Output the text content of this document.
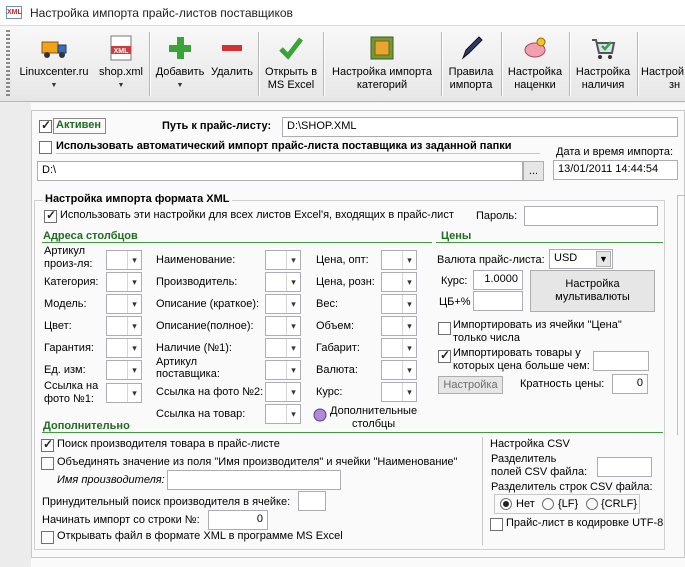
XML Настройка импорта прайс-листов поставщиков
Linuxcenter.ru
▼
XML
shop.xml
▼
Добавить
▼
Удалить	Открыть в
MS Excel
Настройка импорта
категорий
Правила
импорта
Настройка
наценки
Настройка
наличия
Настрой
зн
✓
Активен	Путь к прайс-листу:	D:\SHOP.XML
Использовать автоматический импорт прайс-листа поставщика из заданной папки
D:\	...
Дата и время импорта:
13/01/2011 14:44:54
Настройка импорта формата XML
✓
Использовать эти настройки для всех листов Excel'я, входящих в прайс-лист Пароль:
Адреса столбцов
Артикул произ-ля:
▾
Категория:
▾
Модель:
▾
Цвет:
▾
Гарантия:
▾
Ед. изм:
▾
Ссылка на фото №1:
▾
Наименование:
▾
Производитель:
▾
Описание (краткое):
▾
Описание(полное):
▾
Наличие (№1):
▾
Артикул поставщика:
▾
Ссылка на фото №2:
▾
Ссылка на товар:
▾
Цена, опт:
▾
Цена, розн:
▾
Вес:
▾
Объем:
▾
Габарит:
▾
Валюта:
▾
Курс:
▾
Дополнительные
столбцы
Цены
Валюта прайс-листа: USD	▼
Курс:	1.0000
ЦБ+%
Настройка
мультивалюты
Импортировать из ячейки "Цена"
только числа
✓
Импортировать товары у
которых цена больше чем:
Настройка	Кратность цены:	0
Дополнительно
✓
Поиск производителя товара в прайс-листе
Объединять значение из поля "Имя производителя" и ячейки "Наименование"
Имя производителя:
Принудительный поиск производителя в ячейке:
Начинать импорт со строки №:	0
Открывать файл в формате XML в программе MS Excel
Настройка CSV
Разделитель
полей CSV файла:
Разделитель строк CSV файла:
Нет {LF} {CRLF}
Прайс-лист в кодировке UTF-8
